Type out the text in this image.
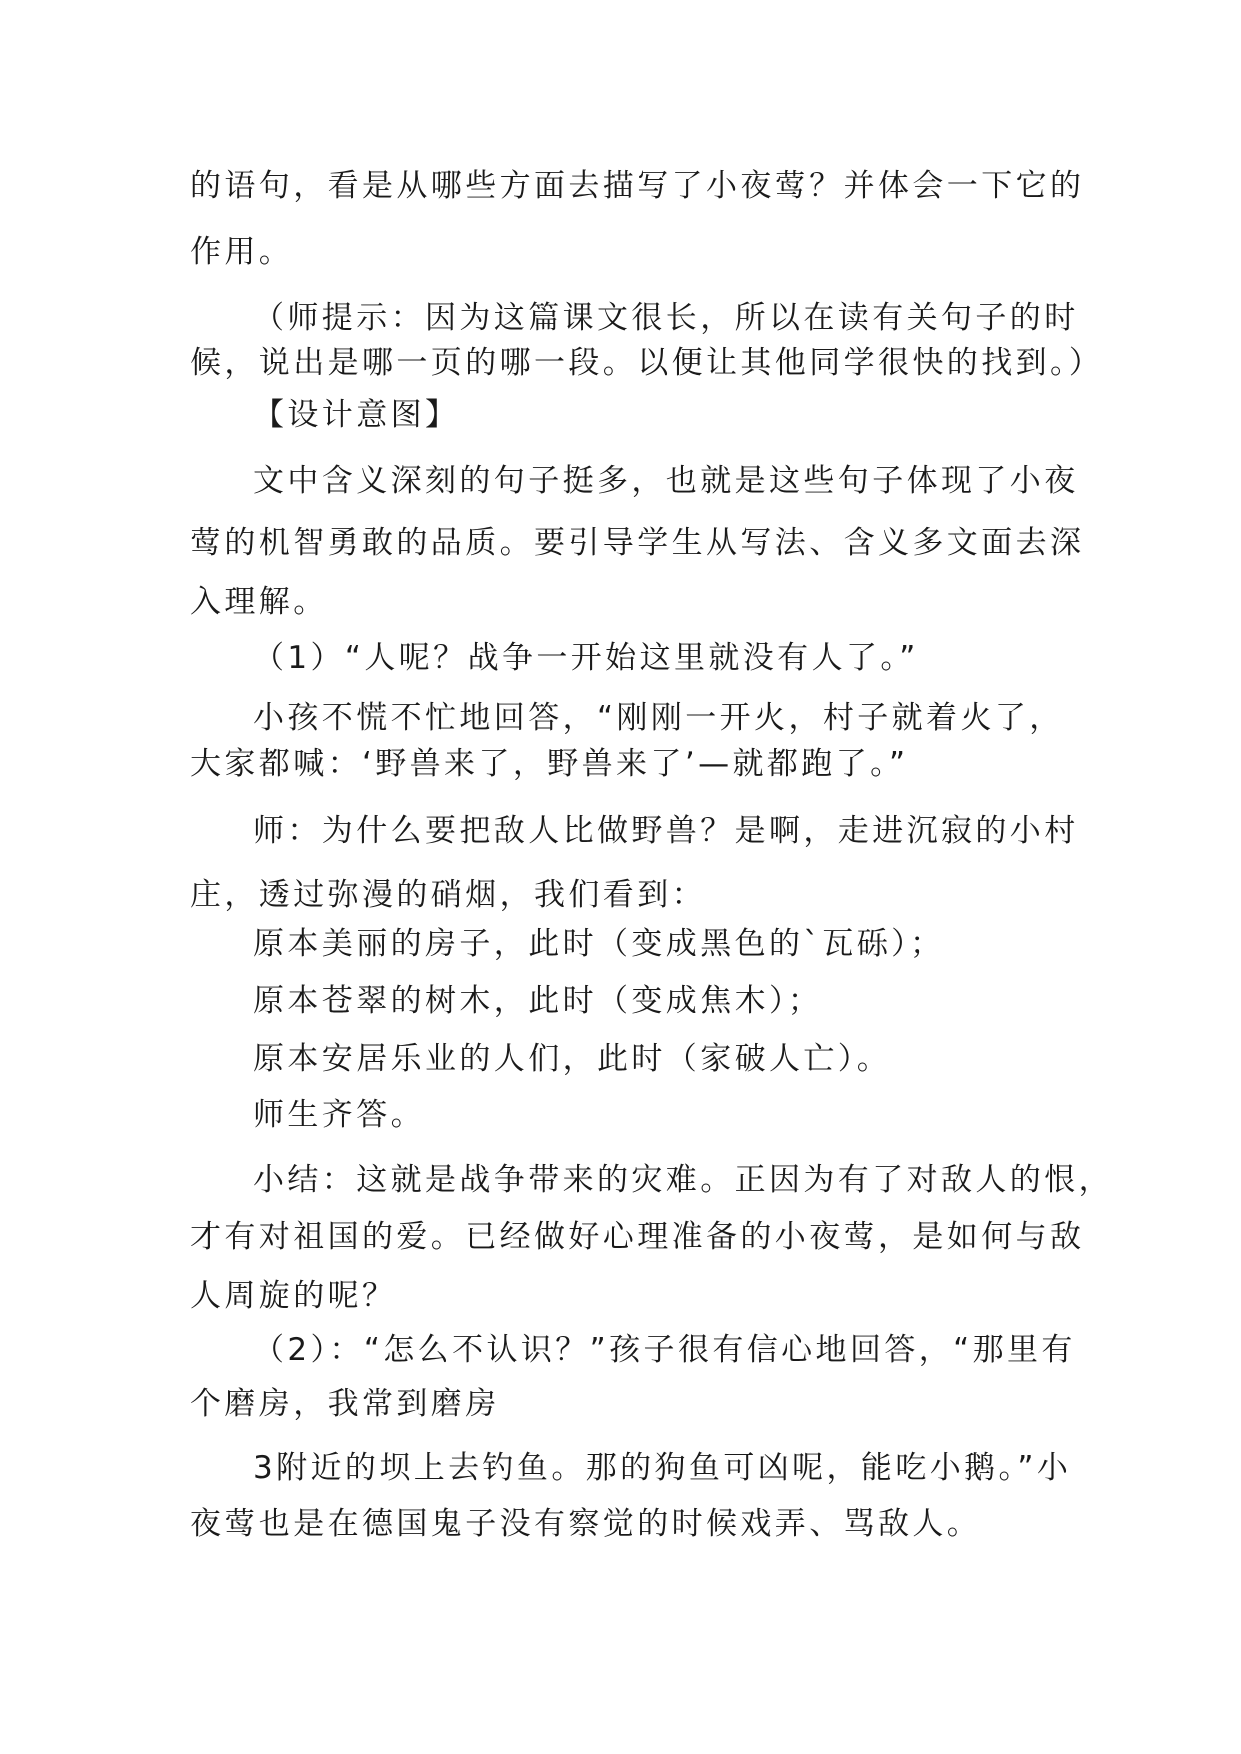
的语句，看是从哪些方面去描写了小夜莺？并体会一下它的
作用。
（师提示：因为这篇课文很长，所以在读有关句子的时
候，说出是哪一页的哪一段。以便让其他同学很快的找到。）
【设计意图】
文中含义深刻的句子挺多，也就是这些句子体现了小夜
莺的机智勇敢的品质。要引导学生从写法、含义多文面去深
入理解。
（1）“人呢？战争一开始这里就没有人了。”
小孩不慌不忙地回答，“刚刚一开火，村子就着火了，
大家都喊：‘野兽来了，野兽来了’—就都跑了。”
师：为什么要把敌人比做野兽？是啊，走进沉寂的小村
庄，透过弥漫的硝烟，我们看到：
原本美丽的房子，此时（变成黑色的`瓦砾）；
原本苍翠的树木，此时（变成焦木）；
原本安居乐业的人们，此时（家破人亡）。
师生齐答。
小结：这就是战争带来的灾难。正因为有了对敌人的恨，
才有对祖国的爱。已经做好心理准备的小夜莺，是如何与敌
人周旋的呢？
（2）：“怎么不认识？”孩子很有信心地回答，“那里有
个磨房，我常到磨房
3附近的坝上去钓鱼。那的狗鱼可凶呢，能吃小鹅。”小
夜莺也是在德国鬼子没有察觉的时候戏弄、骂敌人。
